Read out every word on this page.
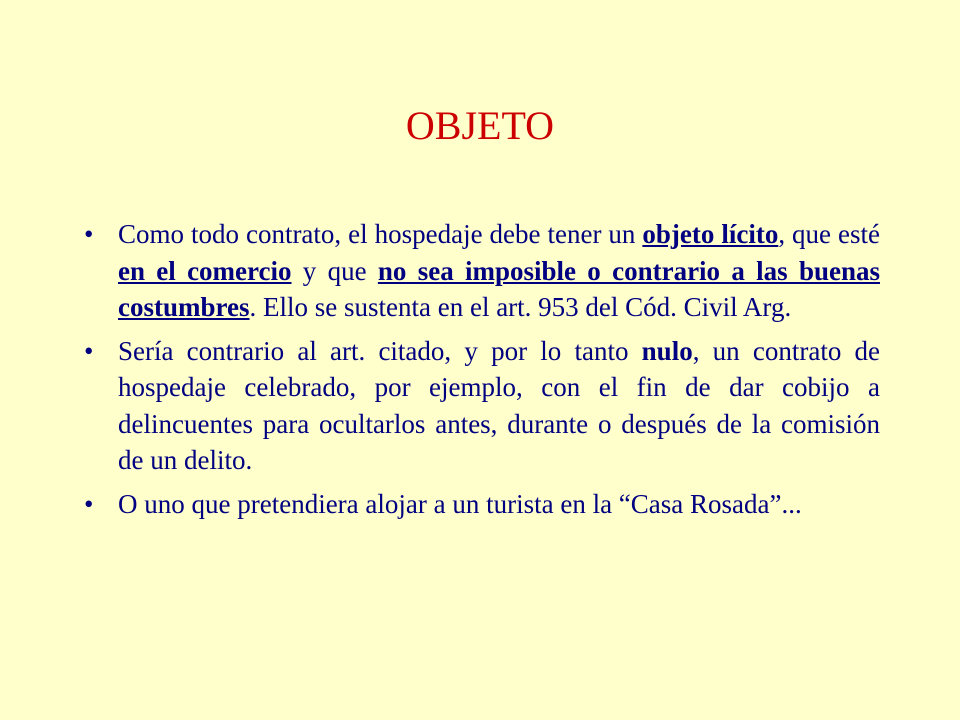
OBJETO
• Como todo contrato, el hospedaje debe tener un objeto lícito, que esté en el comercio y que no sea imposible o contrario a las buenas costumbres. Ello se sustenta en el art. 953 del Cód. Civil Arg.
• Sería contrario al art. citado, y por lo tanto nulo, un contrato de hospedaje celebrado, por ejemplo, con el fin de dar cobijo a delincuentes para ocultarlos antes, durante o después de la comisión de un delito.
• O uno que pretendiera alojar a un turista en la “Casa Rosada”...
